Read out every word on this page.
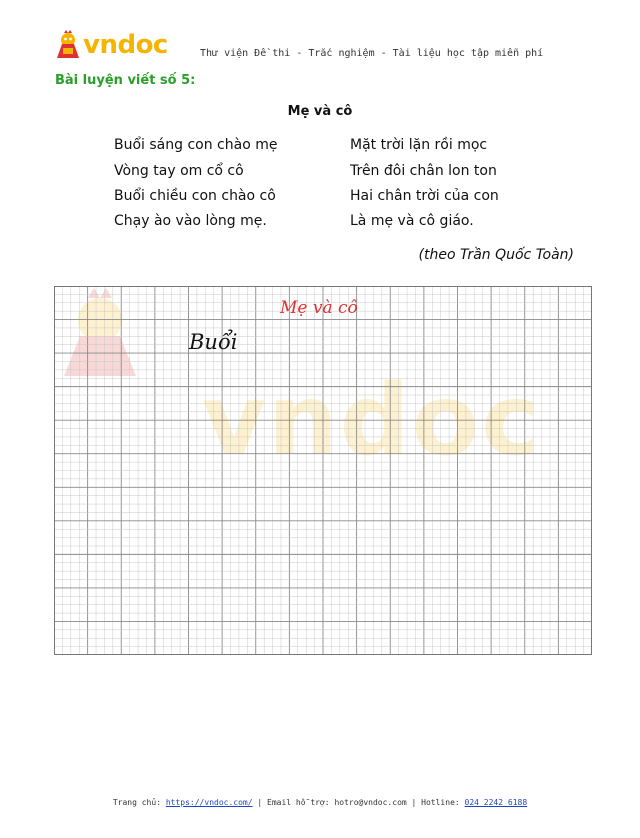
vndoc	Thư viện Đề thi - Trắc nghiệm - Tài liệu học tập miễn phí
Bài luyện viết số 5:
Mẹ và cô
Buổi sáng con chào mẹ
Vòng tay om cổ cô
Buổi chiều con chào cô
Chạy ào vào lòng mẹ.
Mặt trời lặn rồi mọc
Trên đôi chân lon ton
Hai chân trời của con
Là mẹ và cô giáo.
(theo Trần Quốc Toàn)
vndoc
Mẹ và cô
Buổi
Trang chủ: https://vndoc.com/ | Email hỗ trợ: hotro@vndoc.com | Hotline: 024 2242 6188
